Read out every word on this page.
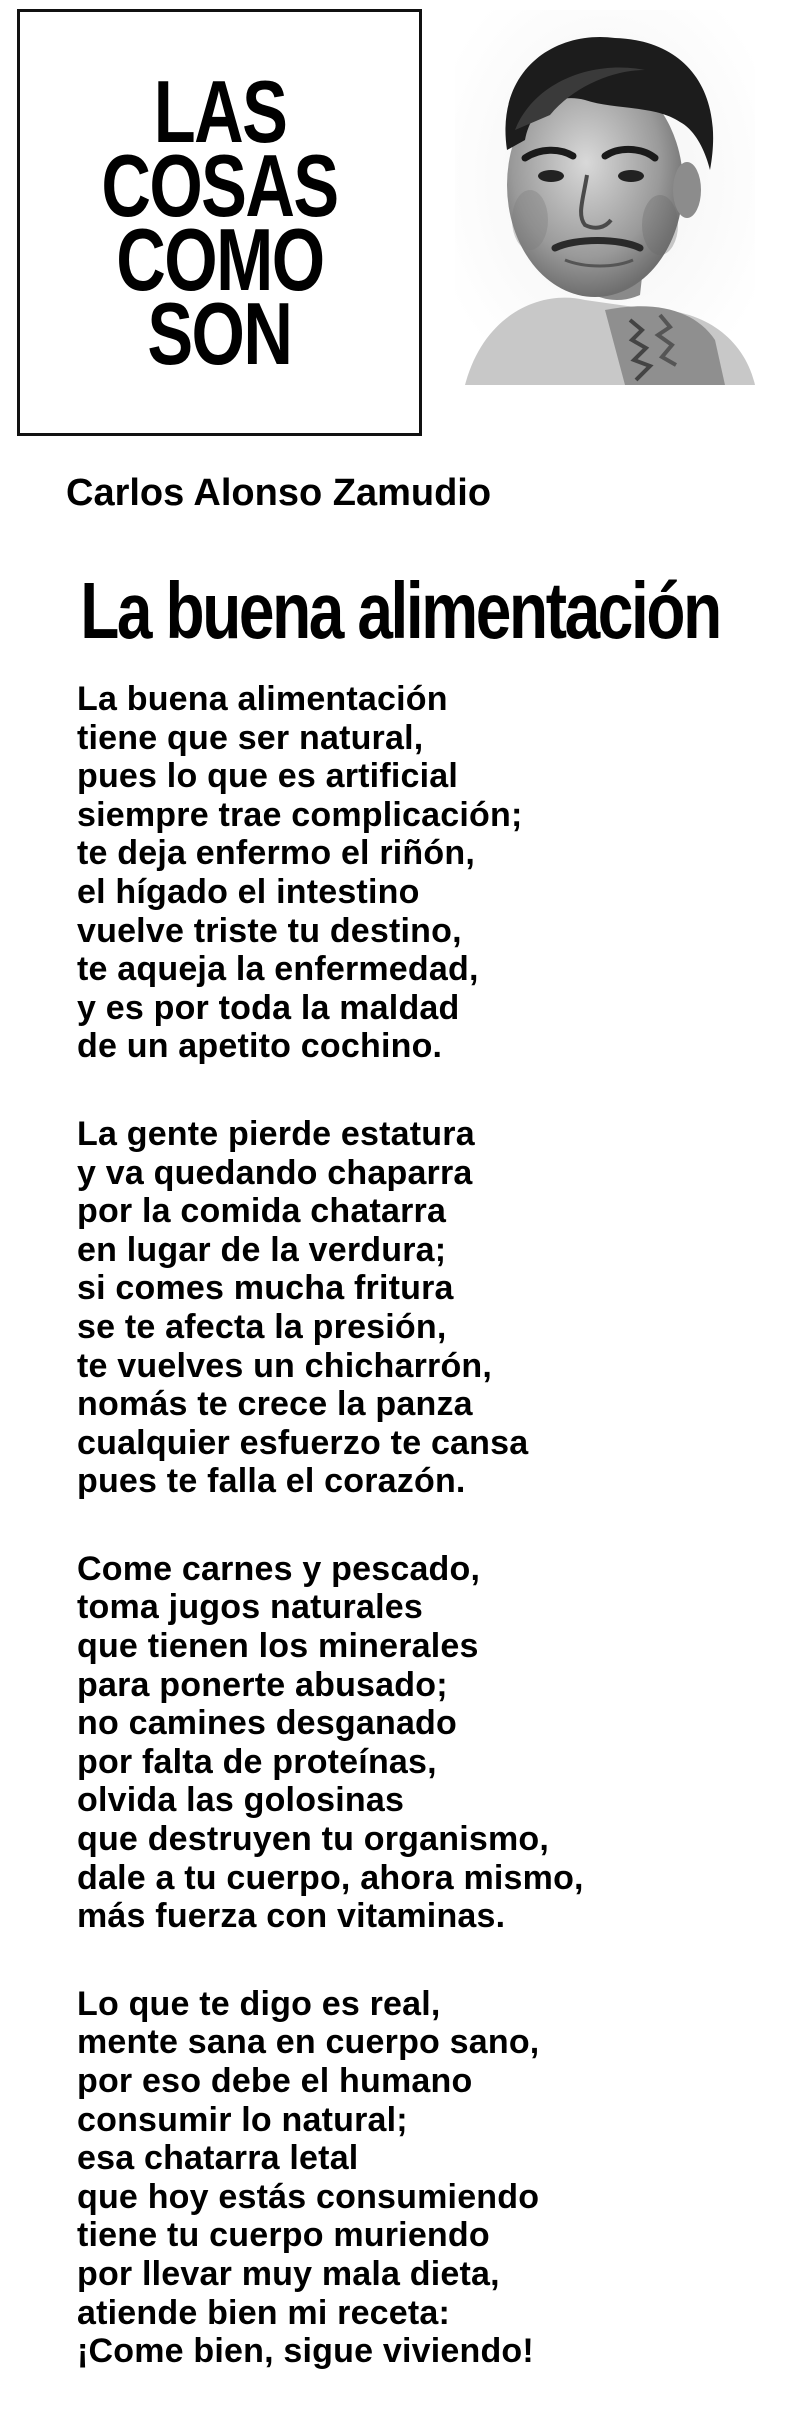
LAS
COSAS
COMO
SON
Carlos Alonso Zamudio
La buena alimentación
La buena alimentación
tiene que ser natural,
pues lo que es artificial
siempre trae complicación;
te deja enfermo el riñón,
el hígado el intestino
vuelve triste tu destino,
te aqueja la enfermedad,
y es por toda la maldad
de un apetito cochino.
La gente pierde estatura
y va quedando chaparra
por la comida chatarra
en lugar de la verdura;
si comes mucha fritura
se te afecta la presión,
te vuelves un chicharrón,
nomás te crece la panza
cualquier esfuerzo te cansa
pues te falla el corazón.
Come carnes y pescado,
toma jugos naturales
que tienen los minerales
para ponerte abusado;
no camines desganado
por falta de proteínas,
olvida las golosinas
que destruyen tu organismo,
dale a tu cuerpo, ahora mismo,
más fuerza con vitaminas.
Lo que te digo es real,
mente sana en cuerpo sano,
por eso debe el humano
consumir lo natural;
esa chatarra letal
que hoy estás consumiendo
tiene tu cuerpo muriendo
por llevar muy mala dieta,
atiende bien mi receta:
¡Come bien, sigue viviendo!
